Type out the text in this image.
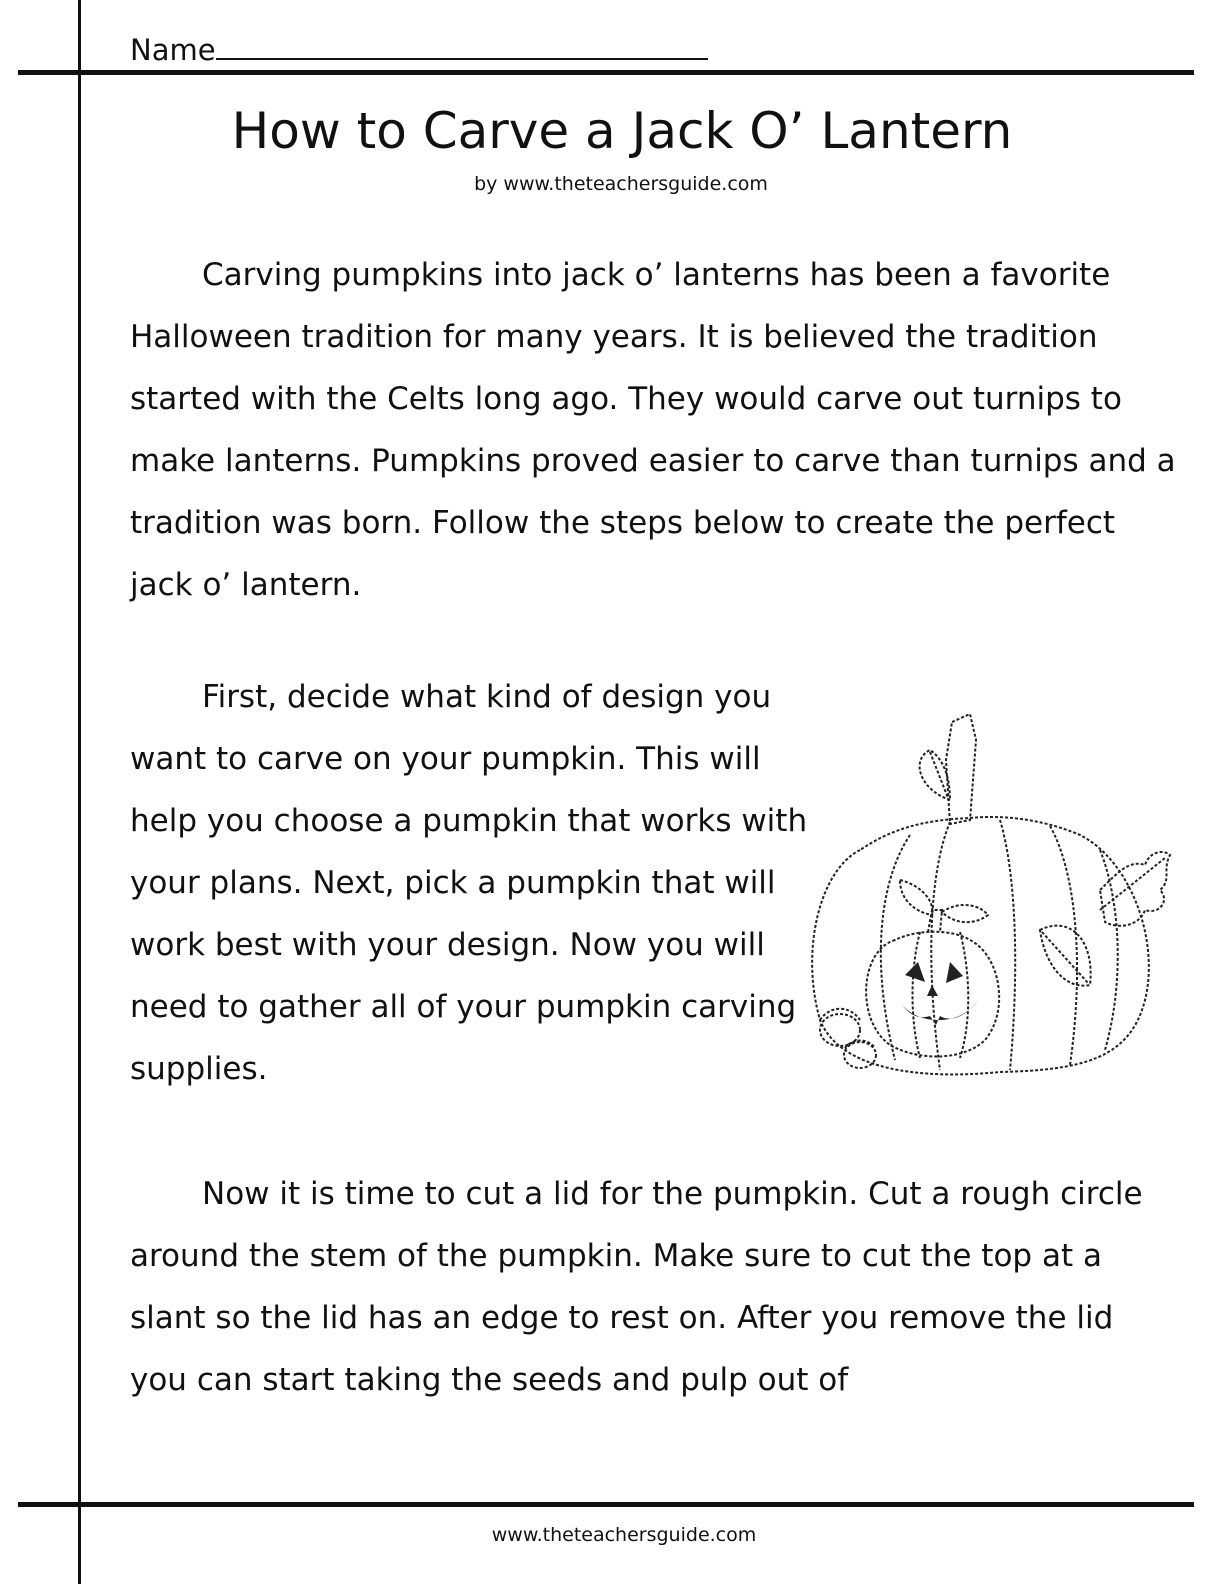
Name
How to Carve a Jack O’ Lantern
by www.theteachersguide.com

Carving pumpkins into jack o’ lanterns has been a favorite Halloween tradition for many years. It is believed the tradition started with the Celts long ago. They would carve out turnips to make lanterns. Pumpkins proved easier to carve than turnips and a tradition was born. Follow the steps below to create the perfect jack o’ lantern.

First, decide what kind of design you want to carve on your pumpkin. This will help you choose a pumpkin that works with your plans. Next, pick a pumpkin that will work best with your design. Now you will need to gather all of your pumpkin carving supplies.

Now it is time to cut a lid for the pumpkin. Cut a rough circle around the stem of the pumpkin. Make sure to cut the top at a slant so the lid has an edge to rest on. After you remove the lid you can start taking the seeds and pulp out of

www.theteachersguide.com
